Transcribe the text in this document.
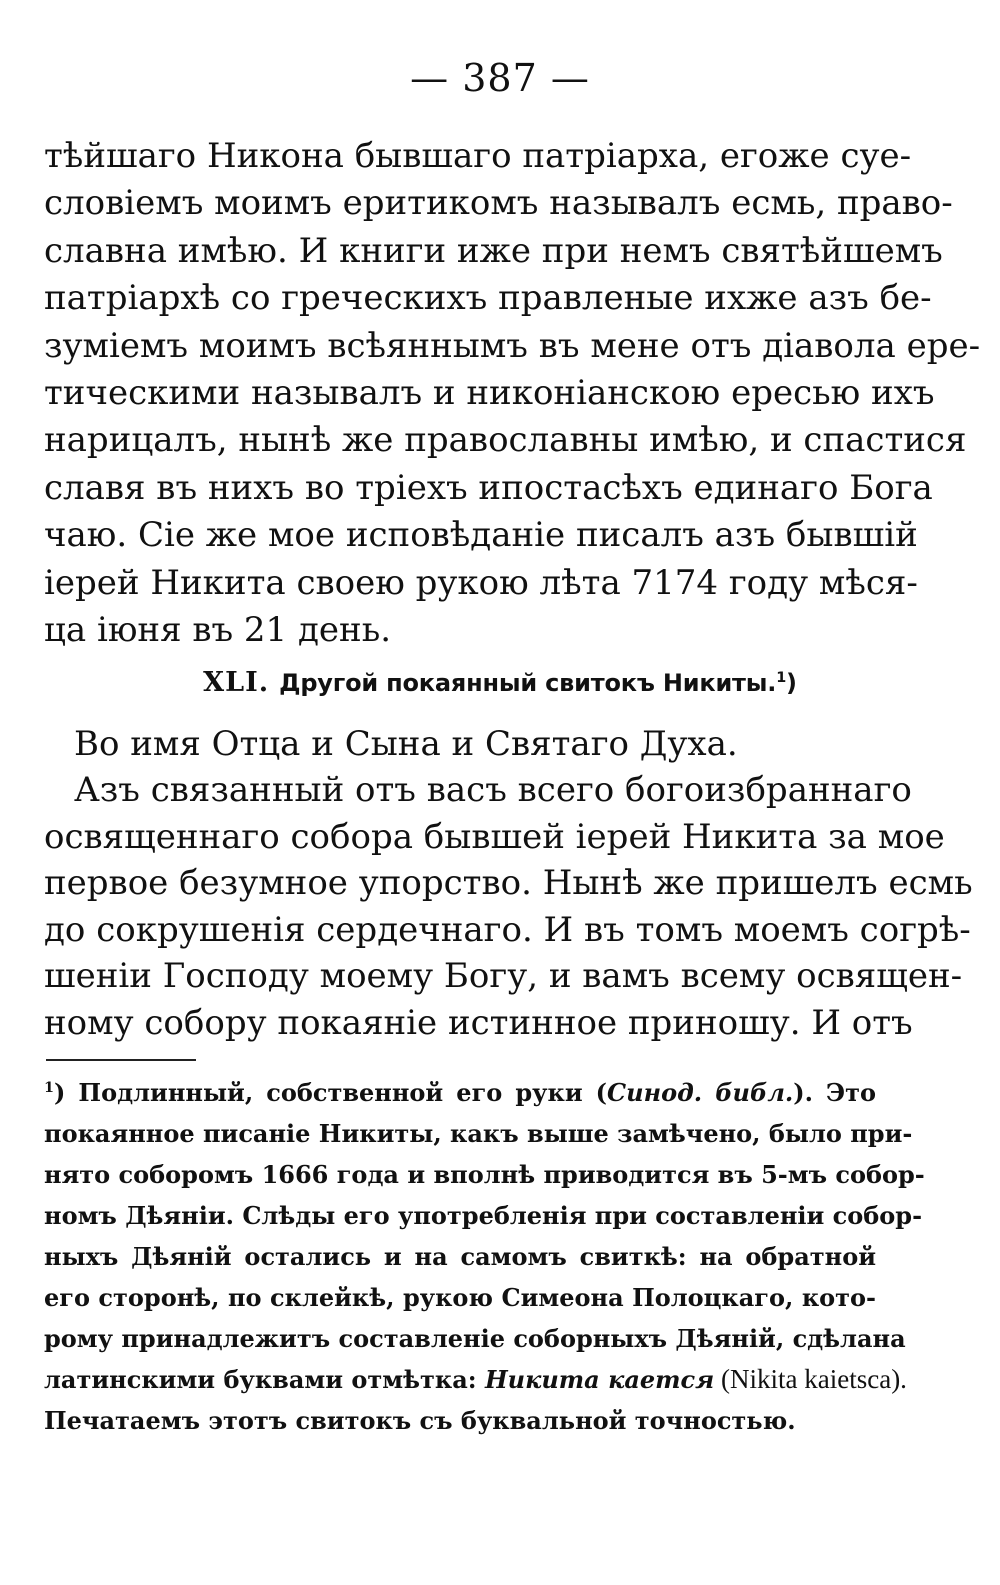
— 387 —
тѣйшаго Никона бывшаго патріарха, егоже суе-
словіемъ моимъ еритикомъ называлъ есмь, право-
славна имѣю. И книги иже при немъ святѣйшемъ
патріархѣ со греческихъ правленые ихже азъ бе-
зуміемъ моимъ всѣяннымъ въ мене отъ діавола ере-
тическими называлъ и никоніанскою ересью ихъ
нарицалъ, нынѣ же православны имѣю, и спастися
славя въ нихъ во тріехъ ипостасѣхъ единаго Бога
чаю. Сіе же мое исповѣданіе писалъ азъ бывшій
іерей Никита своею рукою лѣта 7174 году мѣся-
ца іюня въ 21 день.
XLI. Другой покаянный свитокъ Никиты.$^1$)
Во имя Отца и Сына и Святаго Духа.
Азъ связанный отъ васъ всего богоизбраннаго
освященнаго собора бывшей іерей Никита за мое
первое безумное упорство. Нынѣ же пришелъ есмь
до сокрушенія сердечнаго. И въ томъ моемъ согрѣ-
шеніи Господу моему Богу, и вамъ всему освящен-
ному собору покаяніе истинное приношу. И отъ
$^1$) Подлинный, собственной его руки (Синод. библ.). Это
покаянное писаніе Никиты, какъ выше замѣчено, было при-
нято соборомъ 1666 года и вполнѣ приводится въ 5-мъ собор-
номъ Дѣяніи. Слѣды его употребленія при составленіи собор-
ныхъ Дѣяній остались и на самомъ свиткѣ: на обратной
его сторонѣ, по склейкѣ, рукою Симеона Полоцкаго, кото-
рому принадлежитъ составленіе соборныхъ Дѣяній, сдѣлана
латинскими буквами отмѣтка: Никита кается (Nikita kaietsca).
Печатаемъ этотъ свитокъ съ буквальной точностью.
